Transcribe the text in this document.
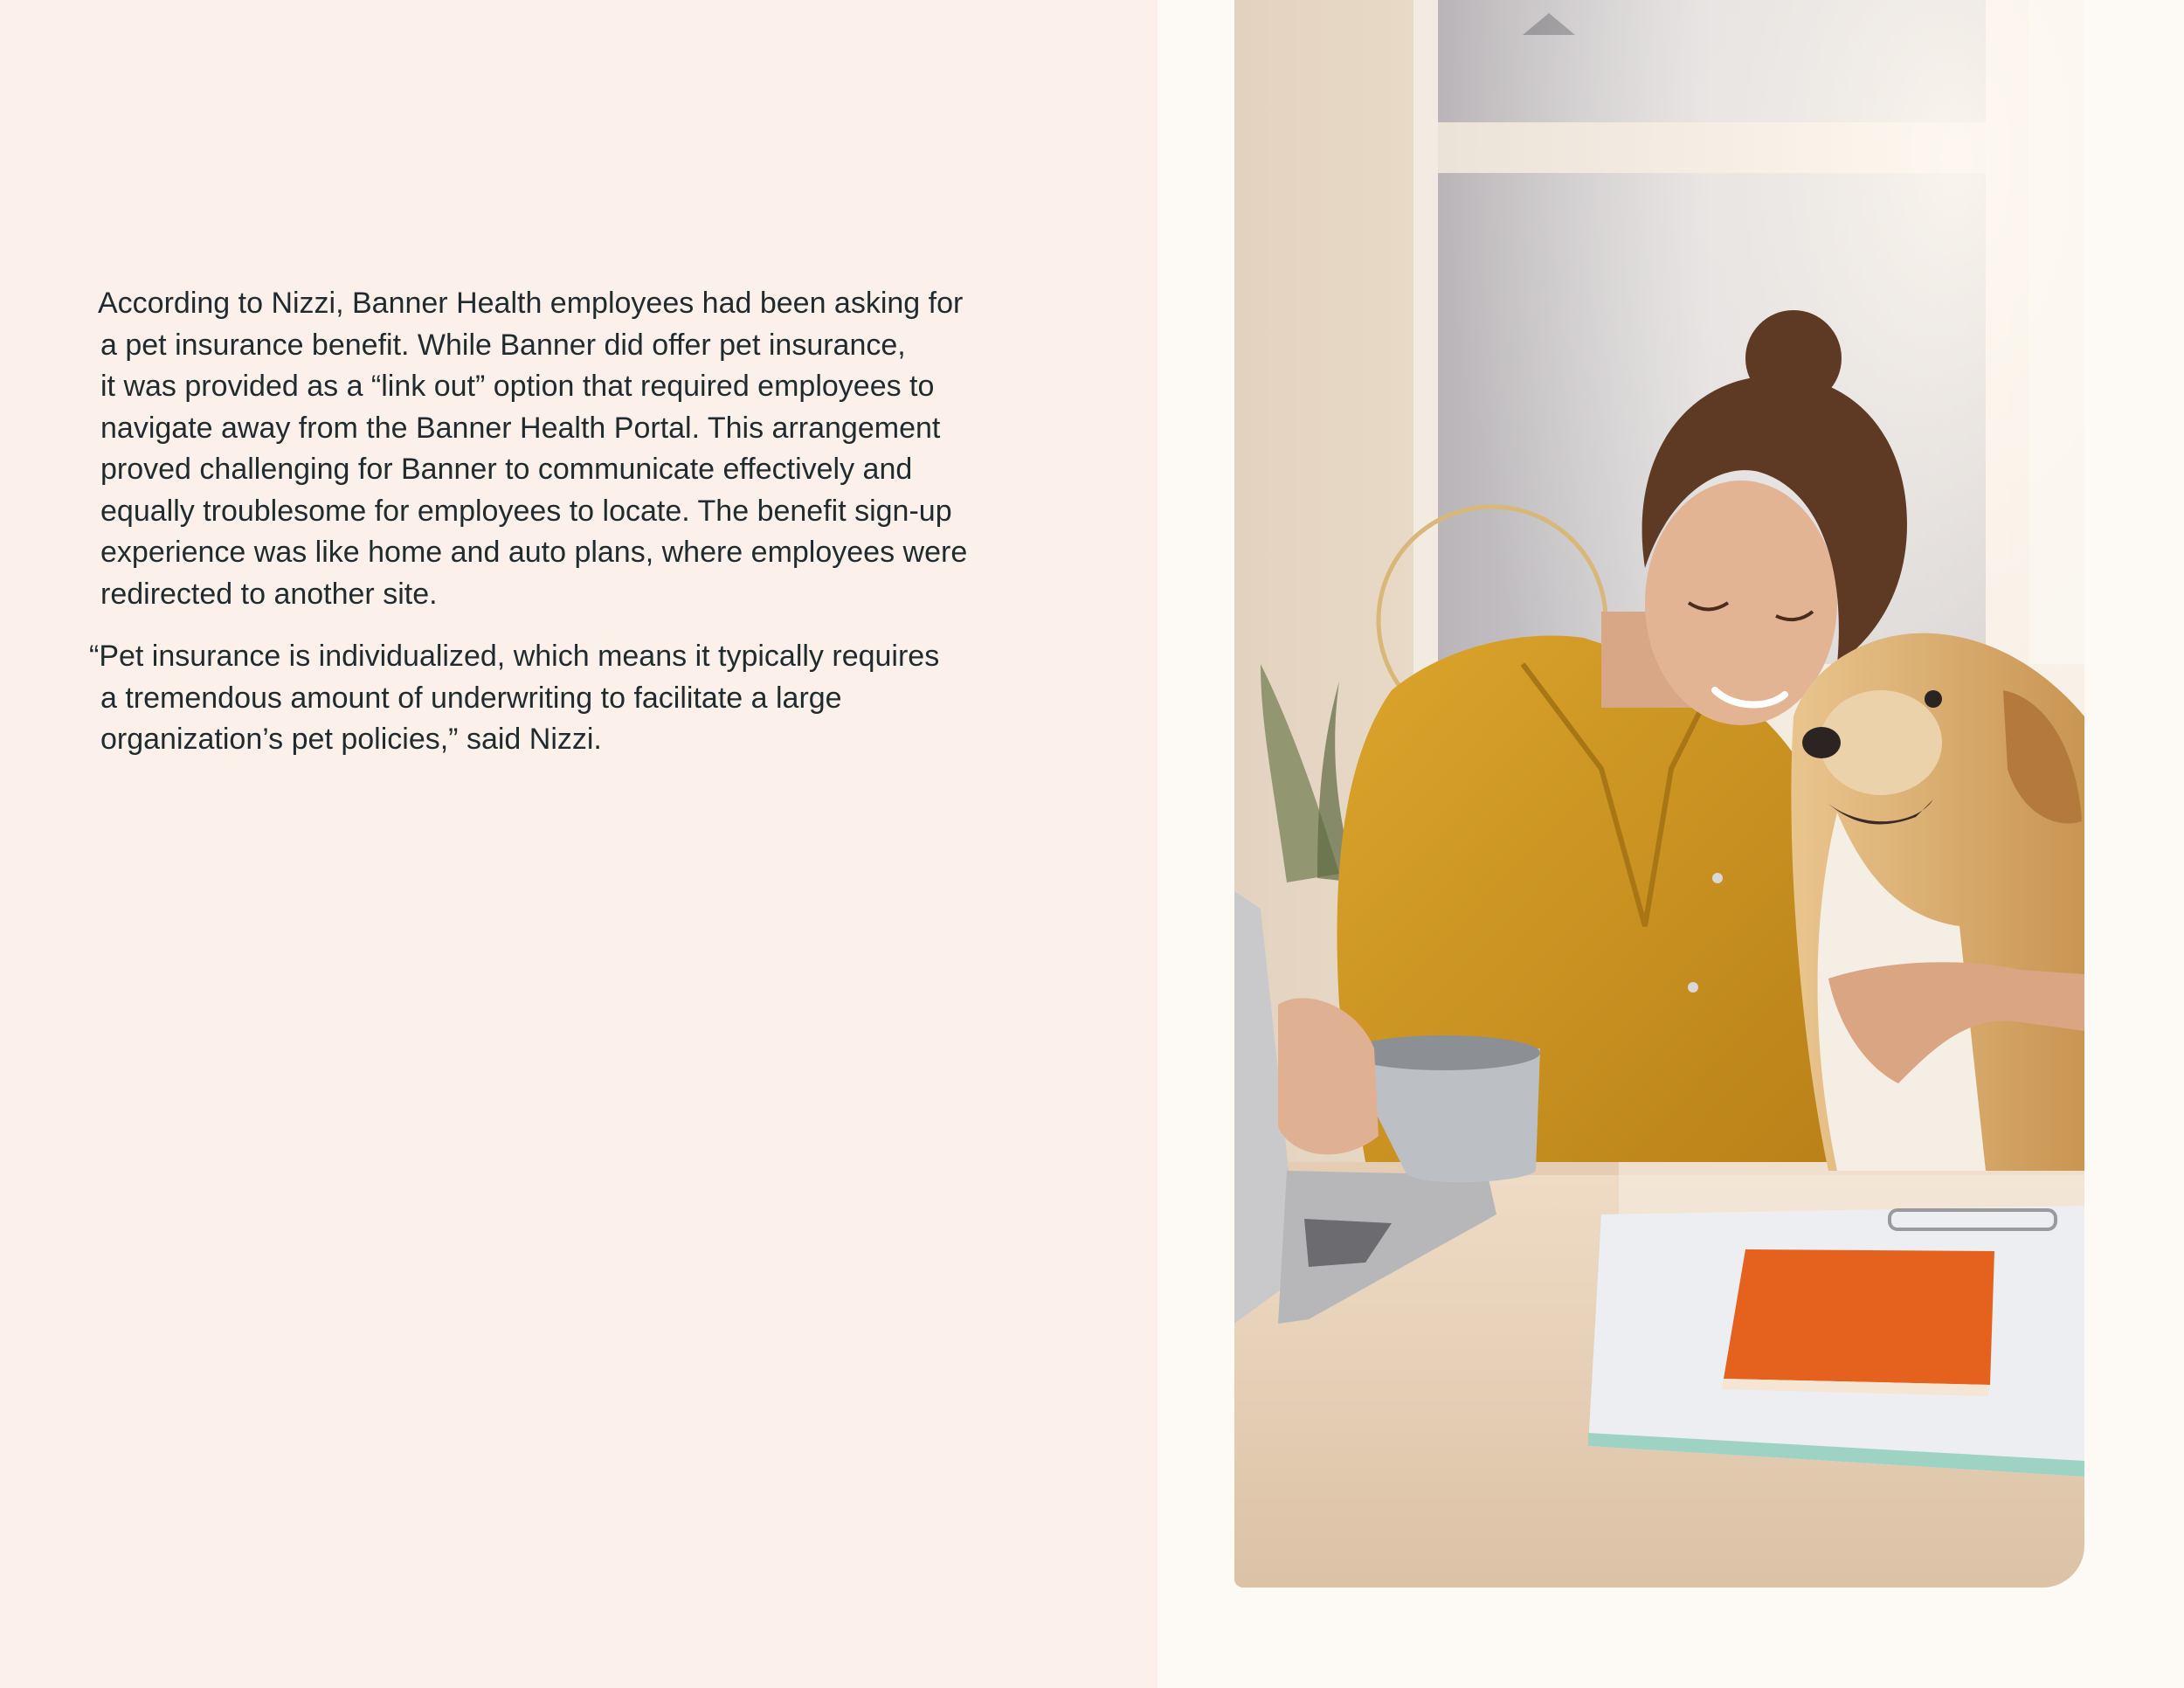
According to Nizzi, Banner Health employees had been asking for
a pet insurance benefit. While Banner did offer pet insurance,
it was provided as a “link out” option that required employees to
navigate away from the Banner Health Portal. This arrangement
proved challenging for Banner to communicate effectively and
equally troublesome for employees to locate. The benefit sign-up
experience was like home and auto plans, where employees were
redirected to another site.
“Pet insurance is individualized, which means it typically requires
a tremendous amount of underwriting to facilitate a large
organization’s pet policies,” said Nizzi.
